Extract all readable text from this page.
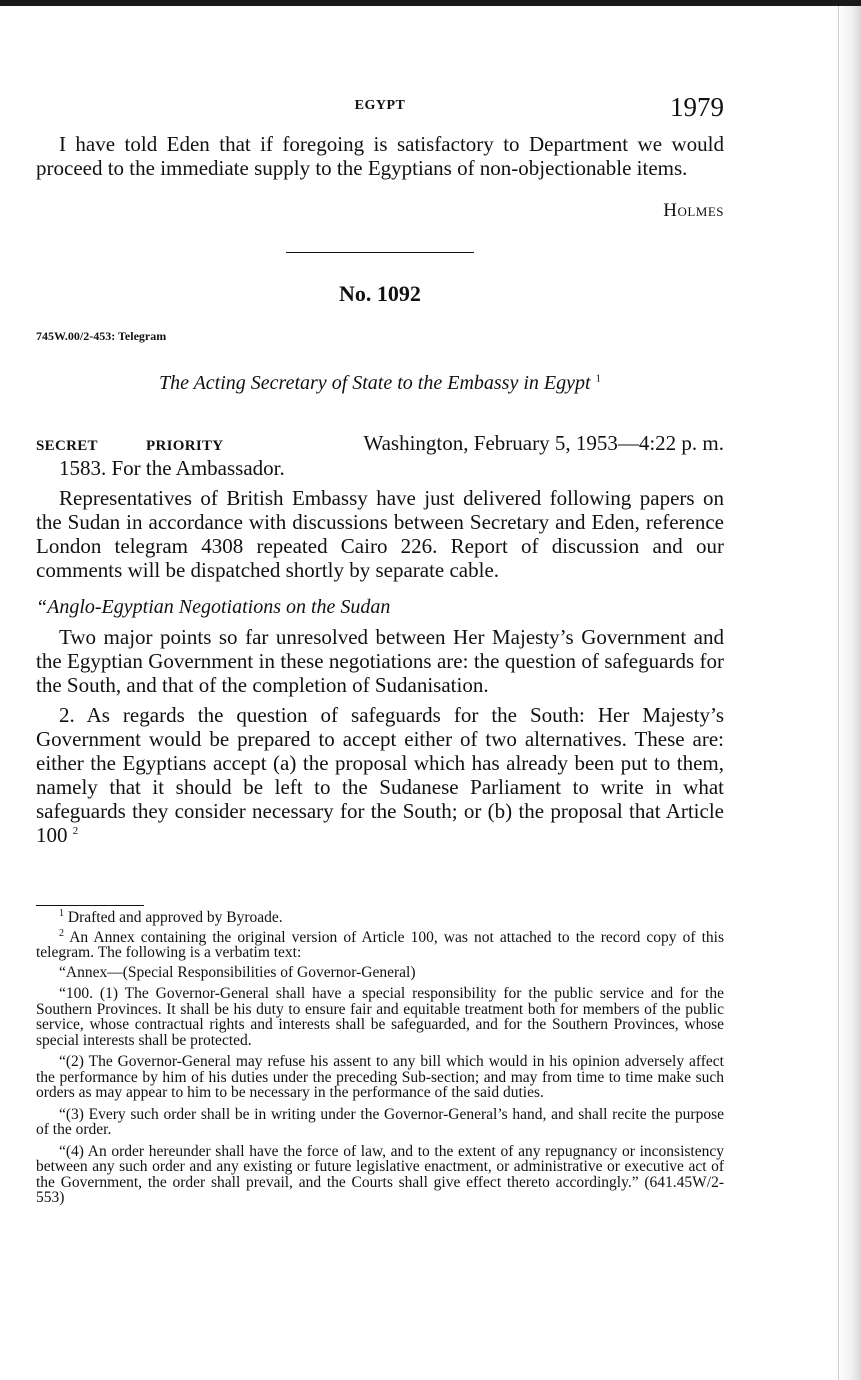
EGYPT	1979

I have told Eden that if foregoing is satisfactory to Department we would proceed to the immediate supply to the Egyptians of non-objectionable items.

Holmes
No. 1092
745W.00/2-453: Telegram
The Acting Secretary of State to the Embassy in Egypt $^1$
SECRET	PRIORITY	Washington, February 5, 1953—4:22 p. m.

1583. For the Ambassador.

Representatives of British Embassy have just delivered following papers on the Sudan in accordance with discussions between Secretary and Eden, reference London telegram 4308 repeated Cairo 226. Report of discussion and our comments will be dispatched shortly by separate cable.

“Anglo-Egyptian Negotiations on the Sudan

Two major points so far unresolved between Her Majesty’s Government and the Egyptian Government in these negotiations are: the question of safeguards for the South, and that of the completion of Sudanisation.

2. As regards the question of safeguards for the South: Her Majesty’s Government would be prepared to accept either of two alternatives. These are: either the Egyptians accept (a) the proposal which has already been put to them, namely that it should be left to the Sudanese Parliament to write in what safeguards they consider necessary for the South; or (b) the proposal that Article 100 $^2$

$^1$ Drafted and approved by Byroade.

$^2$ An Annex containing the original version of Article 100, was not attached to the record copy of this telegram. The following is a verbatim text:

“Annex—(Special Responsibilities of Governor-General)

“100. (1) The Governor-General shall have a special responsibility for the public service and for the Southern Provinces. It shall be his duty to ensure fair and equitable treatment both for members of the public service, whose contractual rights and interests shall be safeguarded, and for the Southern Provinces, whose special interests shall be protected.

“(2) The Governor-General may refuse his assent to any bill which would in his opinion adversely affect the performance by him of his duties under the preceding Sub-section; and may from time to time make such orders as may appear to him to be necessary in the performance of the said duties.

“(3) Every such order shall be in writing under the Governor-General’s hand, and shall recite the purpose of the order.

“(4) An order hereunder shall have the force of law, and to the extent of any repugnancy or inconsistency between any such order and any existing or future legislative enactment, or administrative or executive act of the Government, the order shall prevail, and the Courts shall give effect thereto accordingly.” (641.45W/2-553)
